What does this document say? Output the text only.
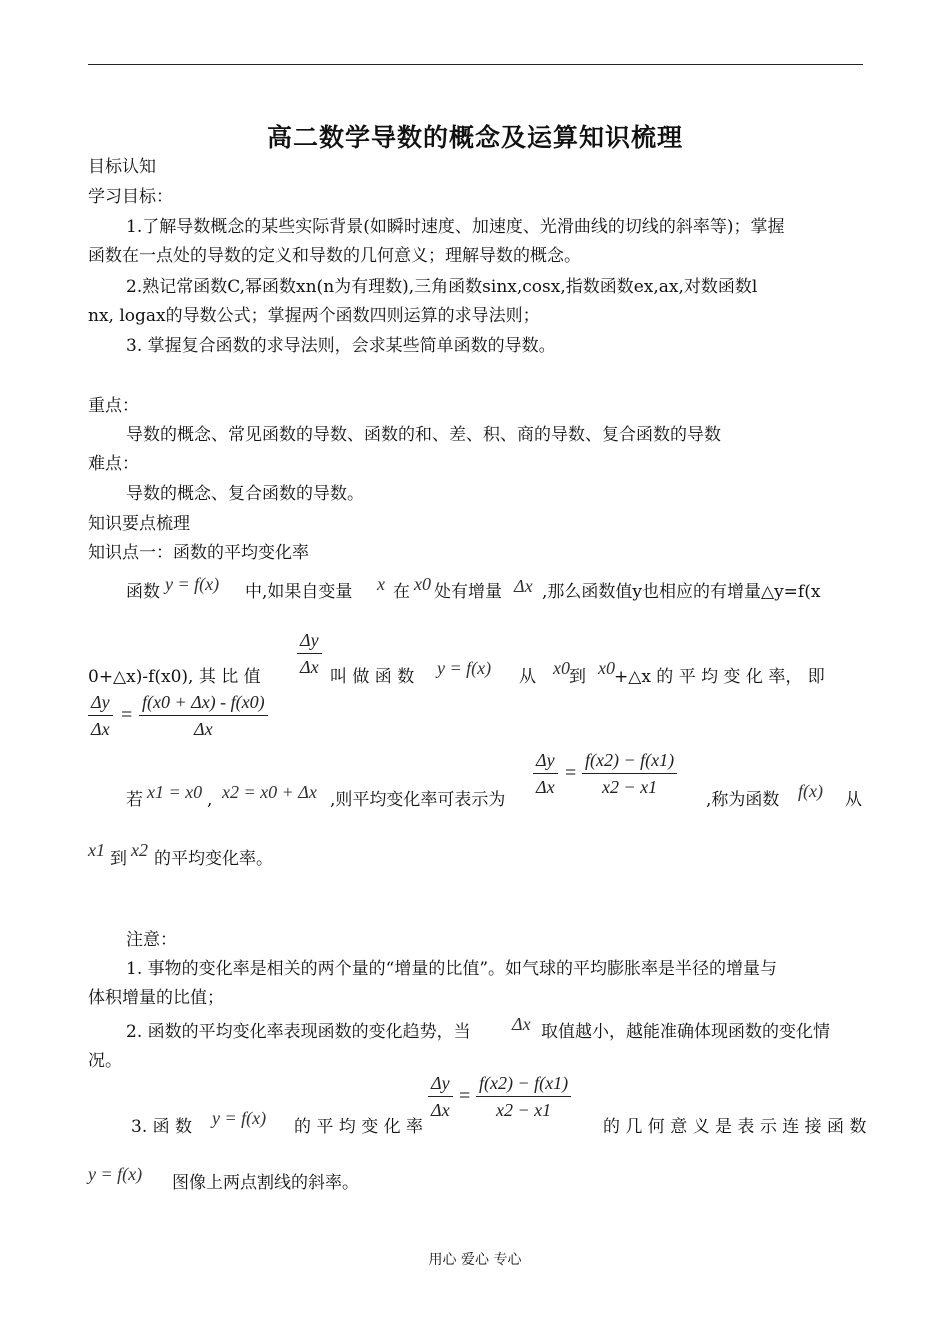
高二数学导数的概念及运算知识梳理
目标认知
学习目标：
1.了解导数概念的某些实际背景(如瞬时速度、加速度、光滑曲线的切线的斜率等)；掌握
函数在一点处的导数的定义和导数的几何意义；理解导数的概念。
2.熟记常函数C,幂函数xn(n为有理数),三角函数sinx,cosx,指数函数ex,ax,对数函数l
nx, logax的导数公式；掌握两个函数四则运算的求导法则；
3. 掌握复合函数的求导法则，会求某些简单函数的导数。
重点：
导数的概念、常见函数的导数、函数的和、差、积、商的导数、复合函数的导数
难点：
导数的概念、复合函数的导数。
知识要点梳理
知识点一：函数的平均变化率
函数 y = f(x) 中,如果自变量 x 在 x0 处有增量 Δx ,那么函数值y也相应的有增量△y=f(x
$\frac{\Delta y}{\Delta x}$
0+△x)-f(x0), 其 比 值	叫 做 函 数 y = f(x) 从 x0 到 x0 +△x 的 平 均 变 化 率， 即
$\frac{\Delta y}{\Delta x} = \frac{f(x0 + \Delta x) - f(x0)}{\Delta x}$
$\frac{\Delta y}{\Delta x} = \frac{f(x2) - f(x1)}{x2 - x1}$
若 x1 = x0 , x2 = x0 + Δx ,则平均变化率可表示为	,称为函数 f(x) 从
x1 到 x2 的平均变化率。
注意：
1. 事物的变化率是相关的两个量的“增量的比值”。如气球的平均膨胀率是半径的增量与
体积增量的比值；
2. 函数的平均变化率表现函数的变化趋势，当 Δx 取值越小，越能准确体现函数的变化情
况。
$\frac{\Delta y}{\Delta x} = \frac{f(x2) - f(x1)}{x2 - x1}$
3. 函 数 y = f(x) 的 平 均 变 化 率	的 几 何 意 义 是 表 示 连 接 函 数
y = f(x) 图像上两点割线的斜率。
用心 爱心 专心
